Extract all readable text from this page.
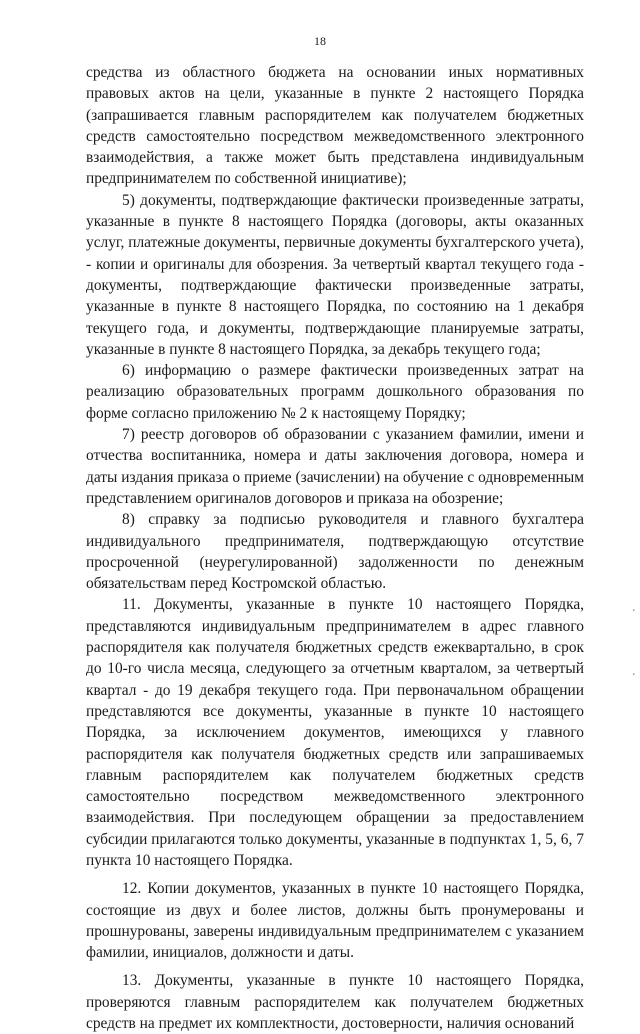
18

средства из областного бюджета на основании иных нормативных правовых актов на цели, указанные в пункте 2 настоящего Порядка (запрашивается главным распорядителем как получателем бюджетных средств самостоятельно посредством межведомственного электронного взаимодействия, а также может быть представлена индивидуальным предпринимателем по собственной инициативе);

5) документы, подтверждающие фактически произведенные затраты, указанные в пункте 8 настоящего Порядка (договоры, акты оказанных услуг, платежные документы, первичные документы бухгалтерского учета), - копии и оригиналы для обозрения. За четвертый квартал текущего года - документы, подтверждающие фактически произведенные затраты, указанные в пункте 8 настоящего Порядка, по состоянию на 1 декабря текущего года, и документы, подтверждающие планируемые затраты, указанные в пункте 8 настоящего Порядка, за декабрь текущего года;

6) информацию о размере фактически произведенных затрат на реализацию образовательных программ дошкольного образования по форме согласно приложению № 2 к настоящему Порядку;

7) реестр договоров об образовании с указанием фамилии, имени и отчества воспитанника, номера и даты заключения договора, номера и даты издания приказа о приеме (зачислении) на обучение с одновременным представлением оригиналов договоров и приказа на обозрение;

8) справку за подписью руководителя и главного бухгалтера индивидуального предпринимателя, подтверждающую отсутствие просроченной (неурегулированной) задолженности по денежным обязательствам перед Костромской областью.

11. Документы, указанные в пункте 10 настоящего Порядка, представляются индивидуальным предпринимателем в адрес главного распорядителя как получателя бюджетных средств ежеквартально, в срок до 10-го числа месяца, следующего за отчетным кварталом, за четвертый квартал - до 19 декабря текущего года. При первоначальном обращении представляются все документы, указанные в пункте 10 настоящего Порядка, за исключением документов, имеющихся у главного распорядителя как получателя бюджетных средств или запрашиваемых главным распорядителем как получателем бюджетных средств самостоятельно посредством межведомственного электронного взаимодействия. При последующем обращении за предоставлением субсидии прилагаются только документы, указанные в подпунктах 1, 5, 6, 7 пункта 10 настоящего Порядка.

12. Копии документов, указанных в пункте 10 настоящего Порядка, состоящие из двух и более листов, должны быть пронумерованы и прошнурованы, заверены индивидуальным предпринимателем с указанием фамилии, инициалов, должности и даты.

13. Документы, указанные в пункте 10 настоящего Порядка, проверяются главным распорядителем как получателем бюджетных средств на предмет их комплектности, достоверности, наличия оснований

·
·
